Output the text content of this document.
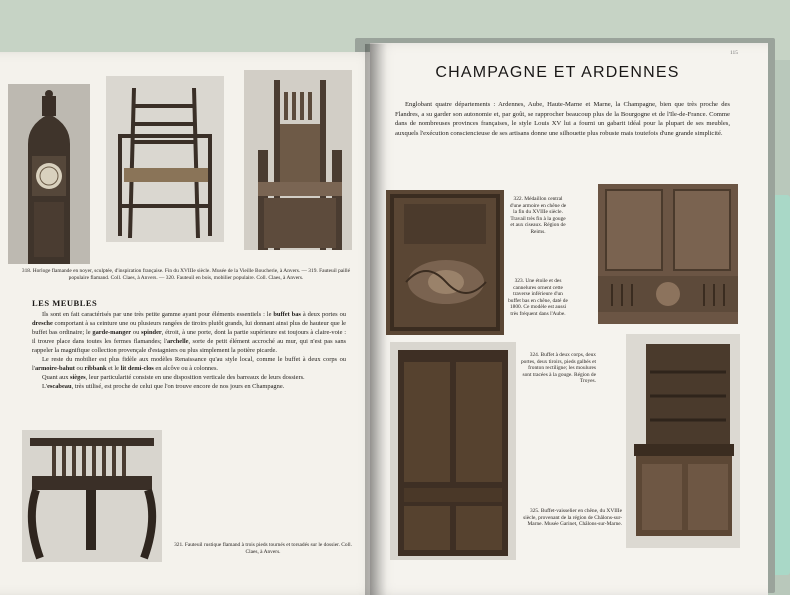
318. Horloge flamande en noyer, sculptée, d'inspiration française. Fin du XVIIIe siècle. Musée de la Vieille Boucherie, à Anvers. — 319. Fauteuil paillé populaire flamand. Coll. Claes, à Anvers. — 320. Fauteuil en bois, mobilier populaire. Coll. Claes, à Anvers.
LES MEUBLES

Ils sont en fait caractérisés par une très petite gamme ayant pour éléments essentiels : le buffet bas à deux portes ou dresche comportant à sa ceinture une ou plusieurs rangées de tiroirs plutôt grands, lui donnant ainsi plus de hauteur que le buffet bas ordinaire; le garde-manger ou spinder, étroit, à une porte, dont la partie supérieure est toujours à claire-voie : il trouve place dans toutes les fermes flamandes; l'archelle, sorte de petit élément accroché au mur, qui n'est pas sans rappeler la magnifique collection provençale d'estagniers ou plus simplement la potière picarde.

Le reste du mobilier est plus fidèle aux modèles Renaissance qu'au style local, comme le buffet à deux corps ou l'armoire-bahut ou ribbank et le lit demi-clos en alcôve ou à colonnes.

Quant aux sièges, leur particularité consiste en une disposition verticale des barreaux de leurs dossiers.

L'escabeau, très utilisé, est proche de celui que l'on trouve encore de nos jours en Champagne.

321. Fauteuil rustique flamand à trois pieds tournés et torsadés sur le dossier. Coll. Claes, à Anvers.
115
CHAMPAGNE ET ARDENNES

Englobant quatre départements : Ardennes, Aube, Haute-Marne et Marne, la Champagne, bien que très proche des Flandres, a su garder son autonomie et, par goût, se rapprocher beaucoup plus de la Bourgogne et de l'Ile-de-France. Comme dans de nombreuses provinces françaises, le style Louis XV lui a fourni un gabarit idéal pour la plupart de ses meubles, auxquels l'exécution consciencieuse de ses artisans donne une silhouette plus robuste mais toutefois d'une grande simplicité.

322. Médaillon central d'une armoire en chêne de la fin du XVIIIe siècle. Travail très fin à la gouge et aux ciseaux. Région de Reims.
323. Une étoile et des cannelures ornent cette traverse inférieure d'un buffet bas en chêne, daté de 1800. Ce modèle est aussi très fréquent dans l'Aube.
324. Buffet à deux corps, deux portes, deux tiroirs, pieds galbés et fronton rectiligne; les moulures sont tracées à la gouge. Région de Troyes.
325. Buffet-vaisselier en chêne, du XVIIIe siècle, provenant de la région de Châlons-sur-Marne. Musée Garinet, Châlons-sur-Marne.
